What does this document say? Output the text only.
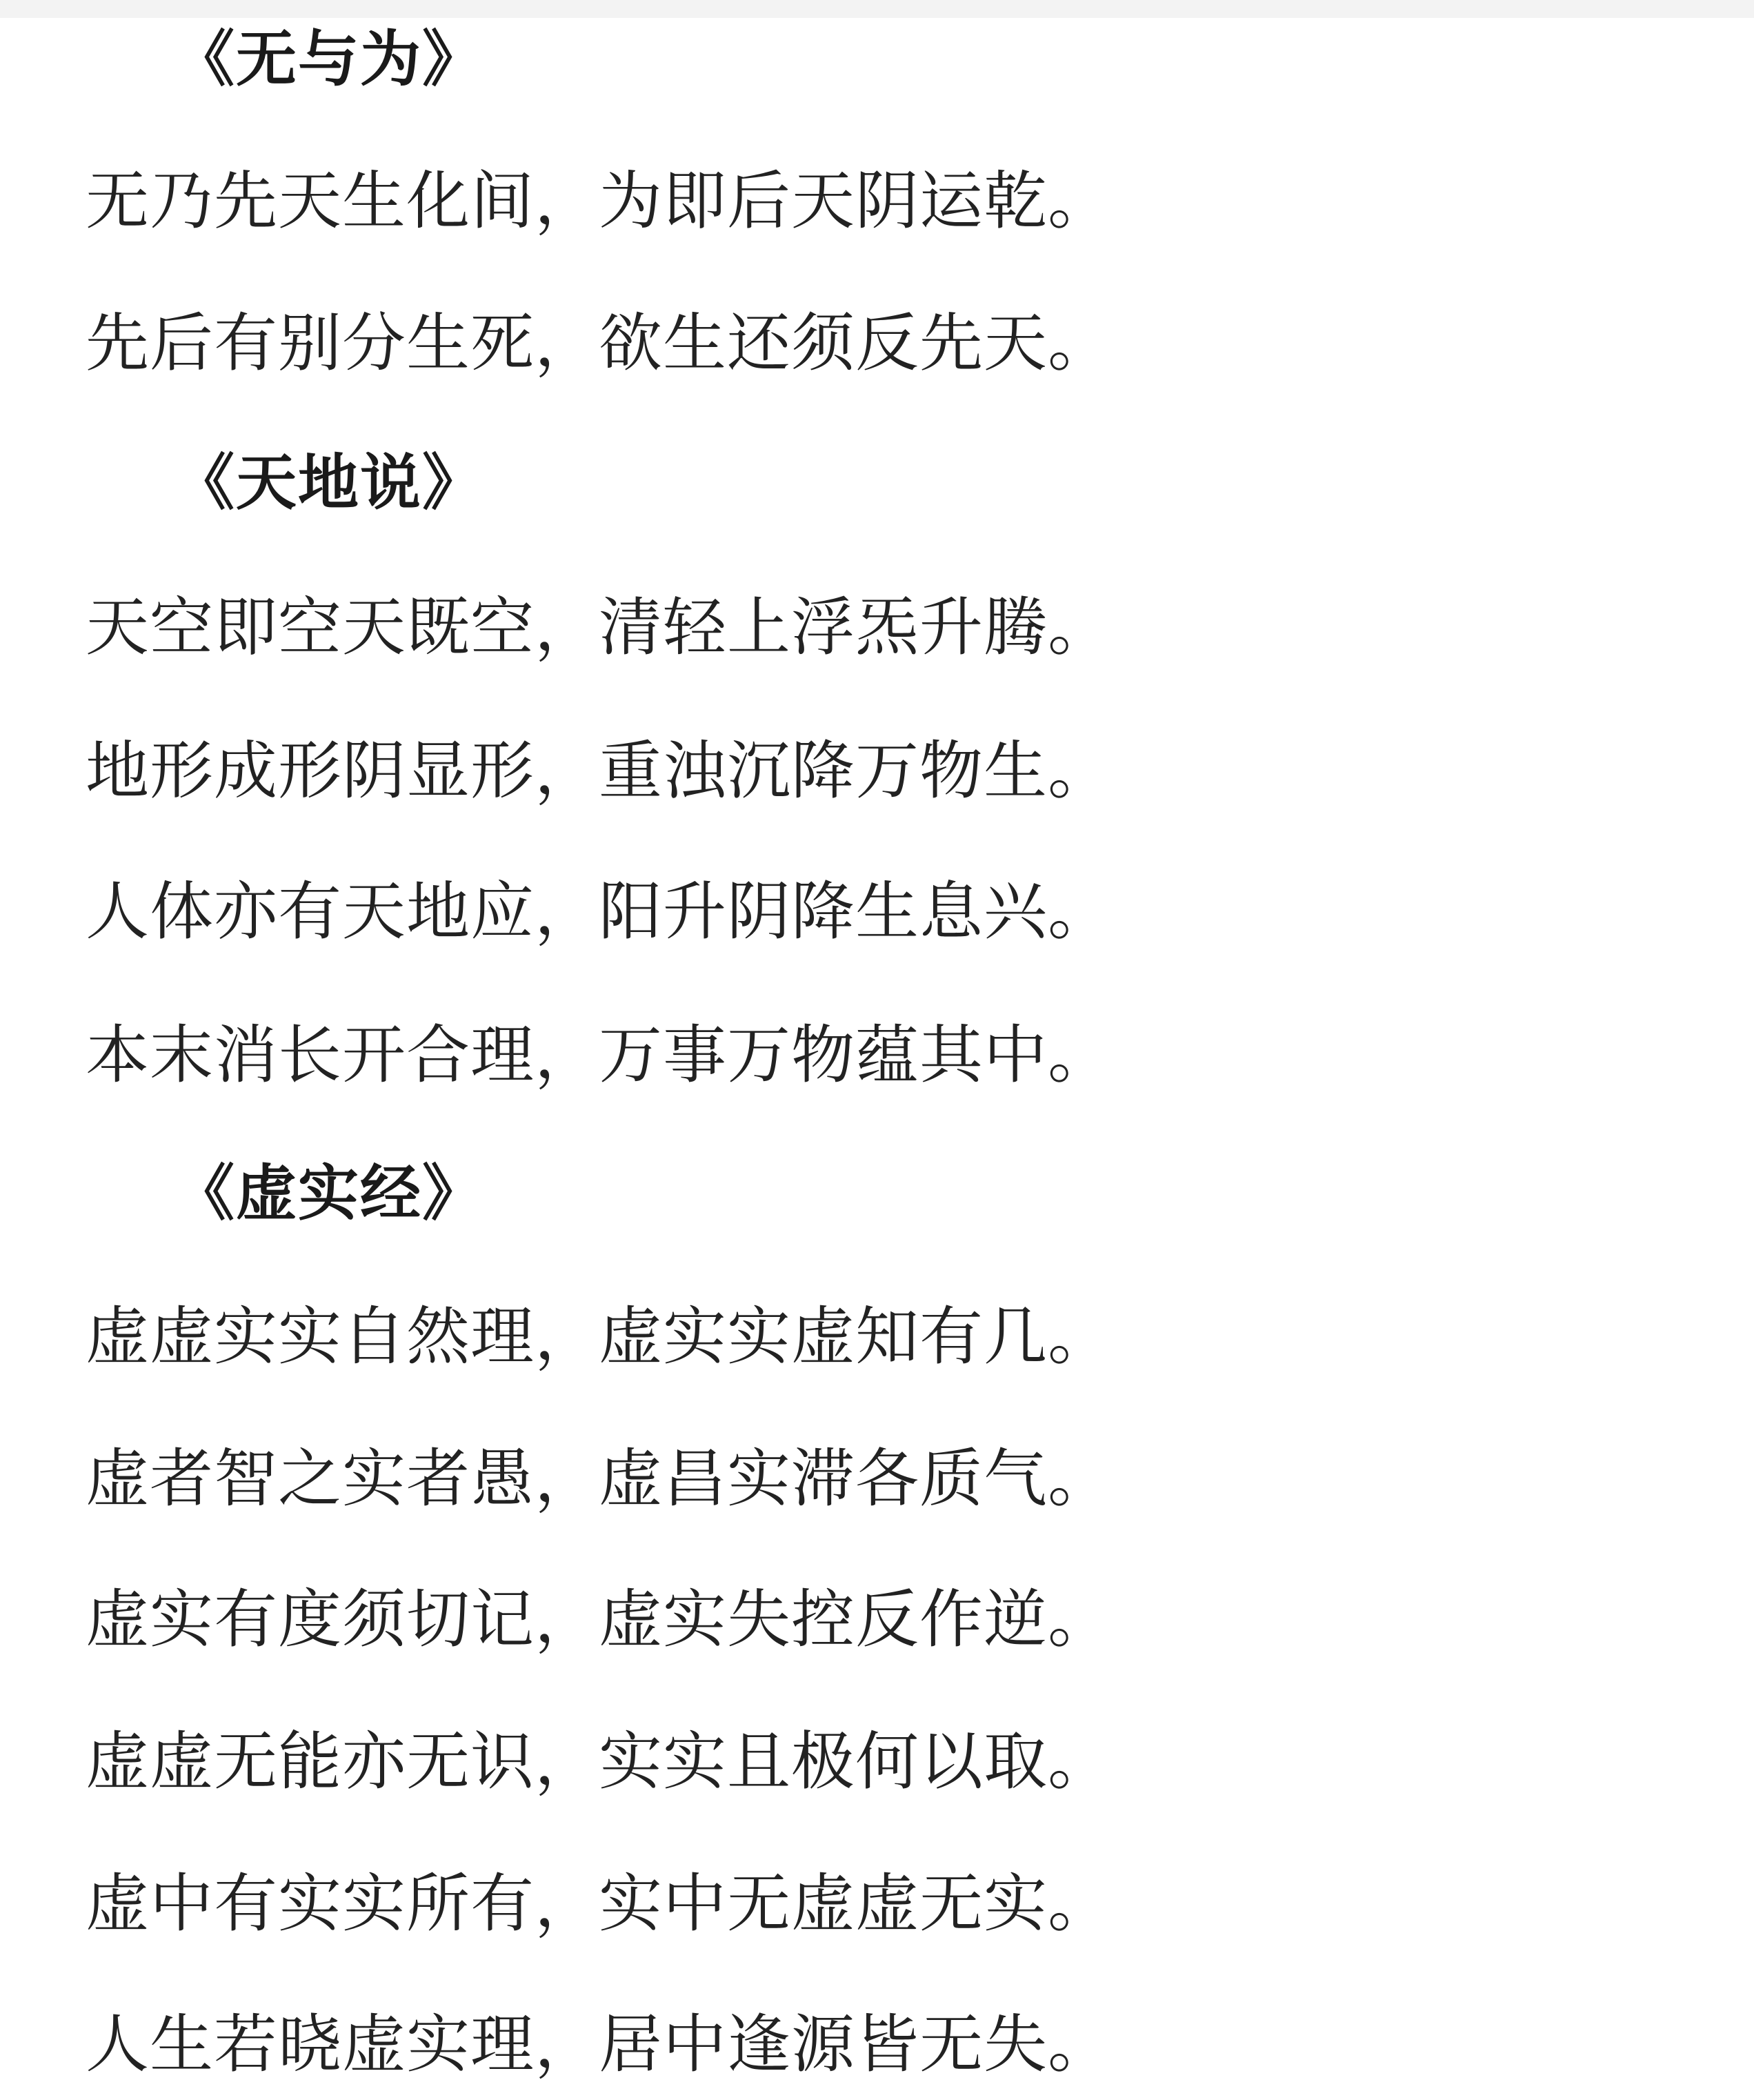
《无与为》
无乃先天生化间，为即后天阴运乾。
先后有别分生死，欲生还须反先天。
《天地说》
天空即空天既空，清轻上浮炁升腾。
地形成形阴显形，重浊沉降万物生。
人体亦有天地应，阳升阴降生息兴。
本末消长开合理，万事万物蕴其中。
《虚实经》
虚虚实实自然理，虚实实虚知有几。
虚者智之实者愚，虚昌实滞各质气。
虚实有度须切记，虚实失控反作逆。
虚虚无能亦无识，实实且极何以取。
虚中有实实所有，实中无虚虚无实。
人生若晓虚实理，居中逢源皆无失。
